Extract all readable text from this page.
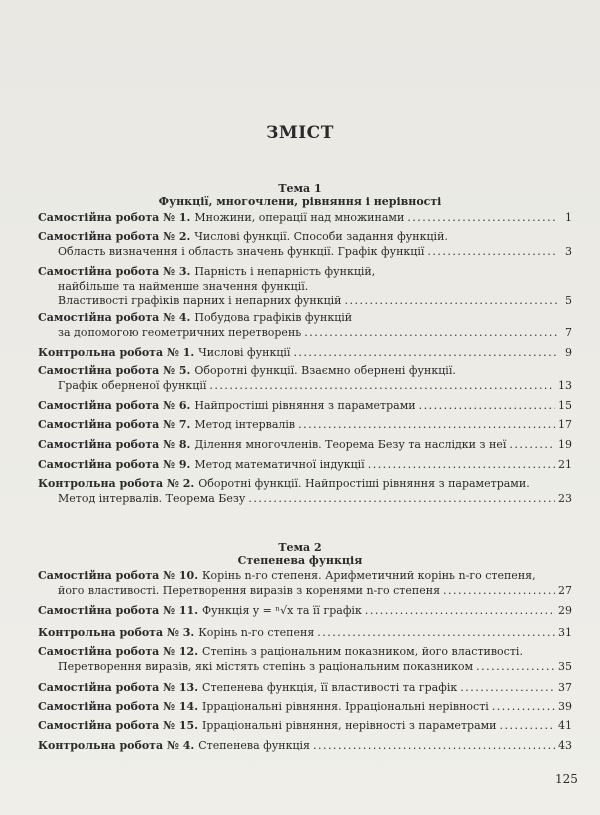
ЗМІСТ
Тема 1
Функції, многочлени, рівняння і нерівності
Самостійна робота № 1. Множини, операції над множинами . . .	1
Самостійна робота № 2. Числові функції. Способи задання функцій.
Область визначення і область значень функції. Графік функції . . .	3
Самостійна робота № 3. Парність і непарність функцій,
найбільше та найменше значення функції.
Властивості графіків парних і непарних функцій . . .	5
Самостійна робота № 4. Побудова графіків функцій
за допомогою геометричних перетворень . . .	7
Контрольна робота № 1. Числові функції . . .	9
Самостійна робота № 5. Оборотні функції. Взаємно обернені функції.
Графік оберненої функції . . .	13
Самостійна робота № 6. Найпростіші рівняння з параметрами . . .	15
Самостійна робота № 7. Метод інтервалів . . .	17
Самостійна робота № 8. Ділення многочленів. Теорема Безу та наслідки з неї . . .	19
Самостійна робота № 9. Метод математичної індукції . . .	21
Контрольна робота № 2. Оборотні функції. Найпростіші рівняння з параметрами.
Метод інтервалів. Теорема Безу . . .	23
Тема 2
Степенева функція
Самостійна робота № 10. Корінь n-го степеня. Арифметичний корінь n-го степеня,
його властивості. Перетворення виразів з коренями n-го степеня . . .	27
Самостійна робота № 11. Функція y = ⁿ√x та її графік . . .	29
Контрольна робота № 3. Корінь n-го степеня . . .	31
Самостійна робота № 12. Степінь з раціональним показником, його властивості.
Перетворення виразів, які містять степінь з раціональним показником . . .	35
Самостійна робота № 13. Степенева функція, її властивості та графік . . .	37
Самостійна робота № 14. Ірраціональні рівняння. Ірраціональні нерівності . . .	39
Самостійна робота № 15. Ірраціональні рівняння, нерівності з параметрами . . .	41
Контрольна робота № 4. Степенева функція . . .	43
125
